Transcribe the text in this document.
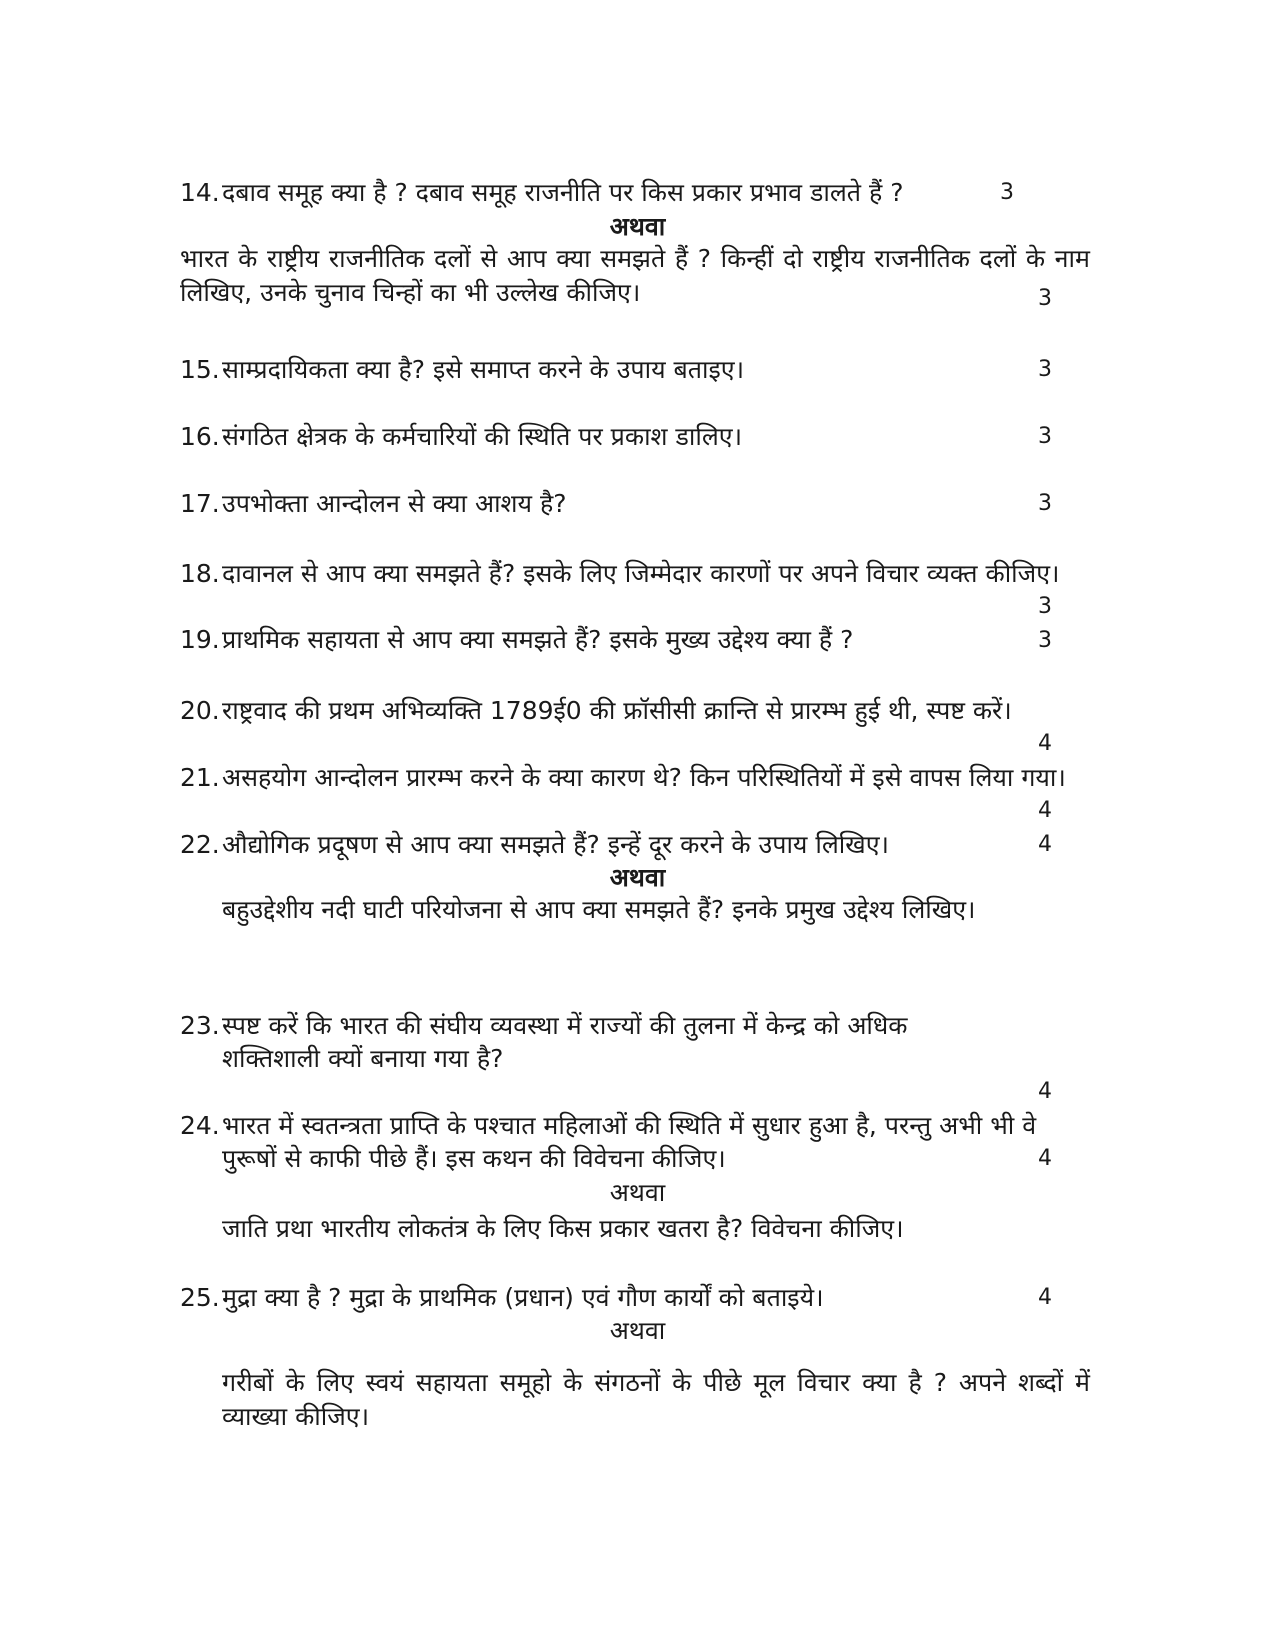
14. दबाव समूह क्या है ? दबाव समूह राजनीति पर किस प्रकार प्रभाव डालते हैं ?	3
अथवा
भारत के राष्ट्रीय राजनीतिक दलों से आप क्या समझते हैं ? किन्हीं दो राष्ट्रीय राजनीतिक दलों के नाम लिखिए, उनके चुनाव चिन्हों का भी उल्लेख कीजिए।	3
15. साम्प्रदायिकता क्या है? इसे समाप्त करने के उपाय बताइए।	3
16. संगठित क्षेत्रक के कर्मचारियों की स्थिति पर प्रकाश डालिए।	3
17. उपभोक्ता आन्दोलन से क्या आशय है?	3
18. दावानल से आप क्या समझते हैं? इसके लिए जिम्मेदार कारणों पर अपने विचार व्यक्त कीजिए।
3
19. प्राथमिक सहायता से आप क्या समझते हैं? इसके मुख्य उद्देश्य क्या हैं ?	3
20. राष्ट्रवाद की प्रथम अभिव्यक्ति 1789ई0 की फ्रॉसीसी क्रान्ति से प्रारम्भ हुई थी, स्पष्ट करें।
4
21. असहयोग आन्दोलन प्रारम्भ करने के क्या कारण थे? किन परिस्थितियों में इसे वापस लिया गया।
4
22. औद्योगिक प्रदूषण से आप क्या समझते हैं? इन्हें दूर करने के उपाय लिखिए।	4
अथवा
बहुउद्देशीय नदी घाटी परियोजना से आप क्या समझते हैं? इनके प्रमुख उद्देश्य लिखिए।
23. स्पष्ट करें कि भारत की संघीय व्यवस्था में राज्यों की तुलना में केन्द्र को अधिक शक्तिशाली क्यों बनाया गया है?
4
24. भारत में स्वतन्त्रता प्राप्ति के पश्चात महिलाओं की स्थिति में सुधार हुआ है, परन्तु अभी भी वे पुरूषों से काफी पीछे हैं। इस कथन की विवेचना कीजिए।	4
अथवा
जाति प्रथा भारतीय लोकतंत्र के लिए किस प्रकार खतरा है? विवेचना कीजिए।
25. मुद्रा क्या है ? मुद्रा के प्राथमिक (प्रधान) एवं गौण कार्यों को बताइये।	4
अथवा
गरीबों के लिए स्वयं सहायता समूहो के संगठनों के पीछे मूल विचार क्या है ? अपने शब्दों में व्याख्या कीजिए।
